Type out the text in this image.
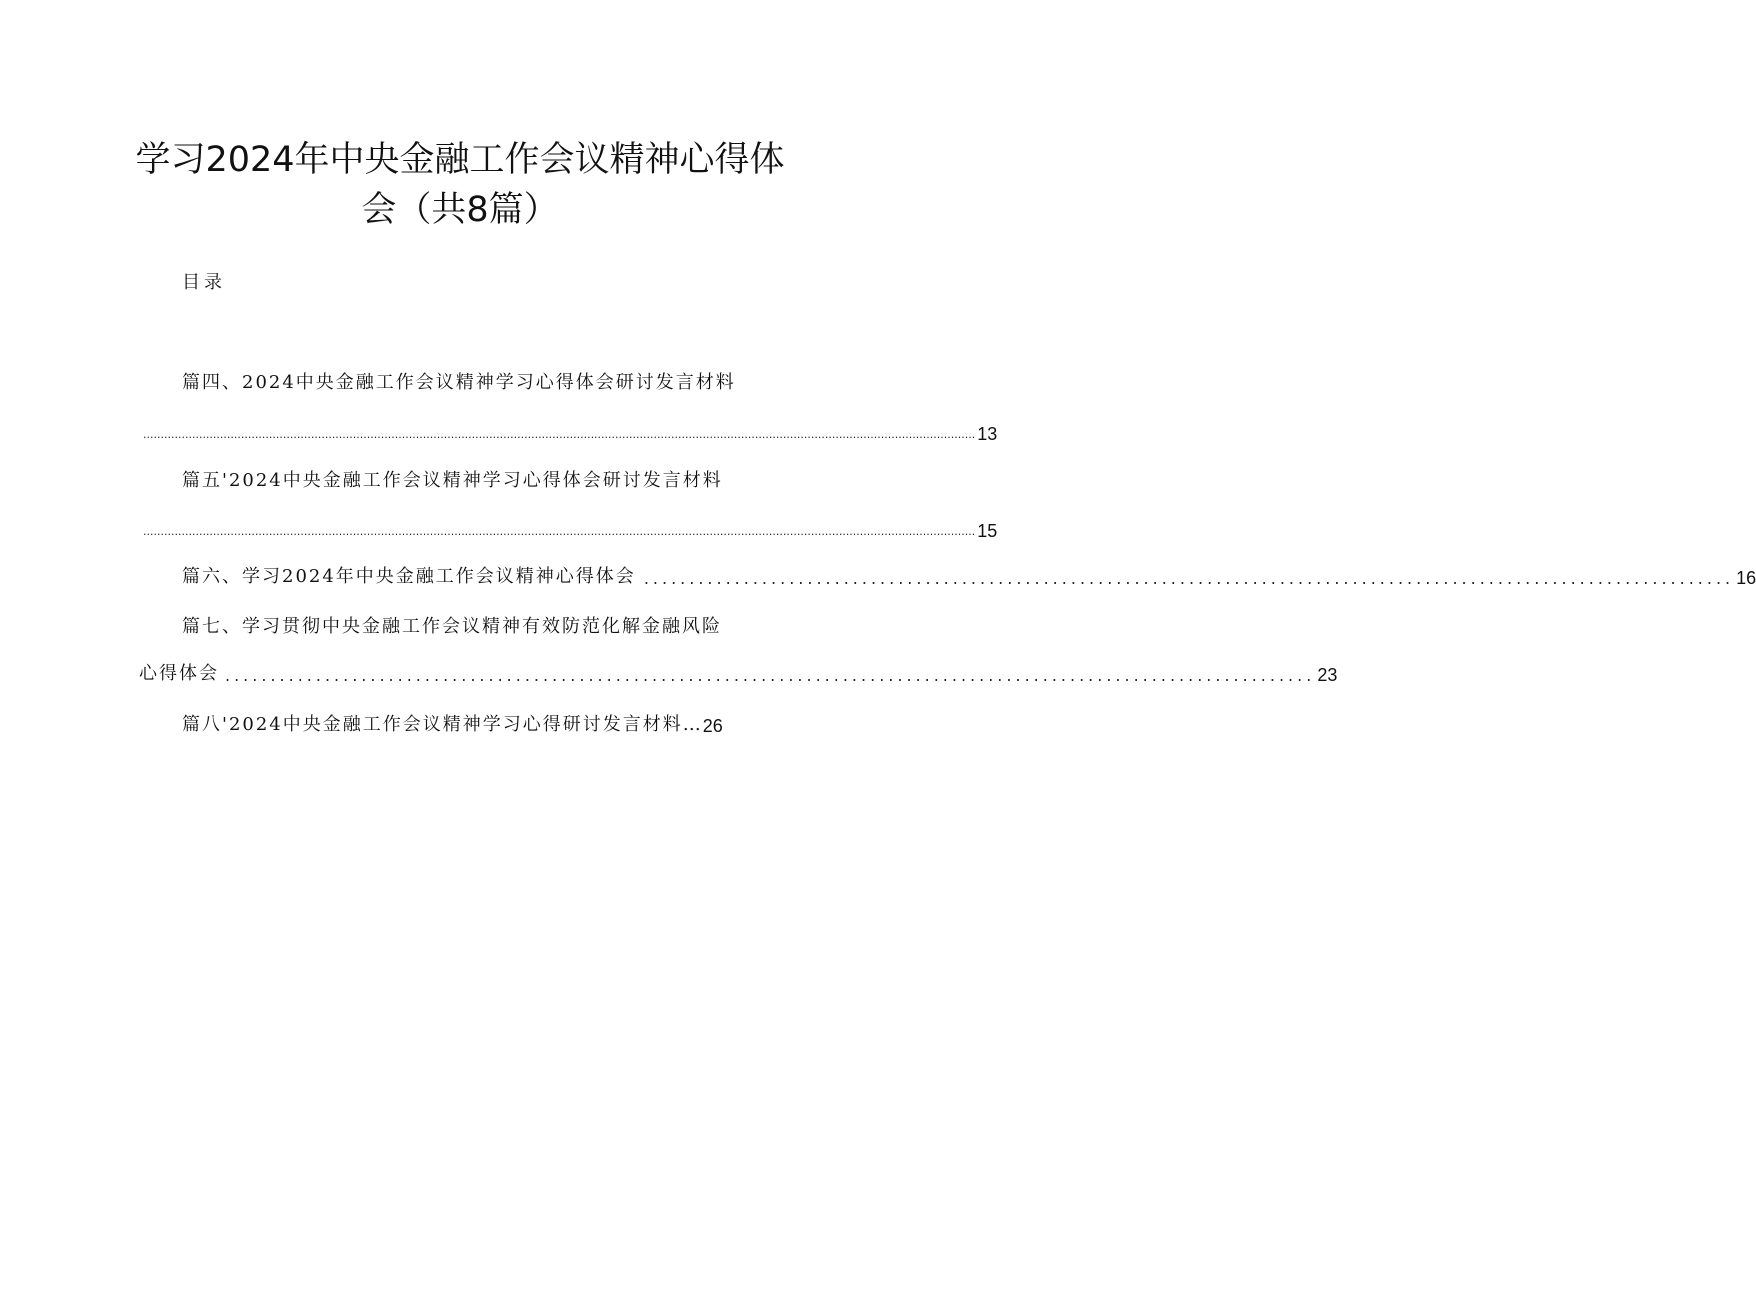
学习2024年中央金融工作会议精神心得体
会（共8篇）
目录
篇四、2024中央金融工作会议精神学习心得体会研讨发言材料
.............................................................................................................................................................................................................................................. 13
篇五'2024中央金融工作会议精神学习心得体会研讨发言材料
.............................................................................................................................................................................................................................................. 15
篇六、学习2024年中央金融工作会议精神心得体会 ........................................................................................................................ 16
篇七、学习贯彻中央金融工作会议精神有效防范化解金融风险
心得体会 ........................................................................................................................ 23
篇八'2024中央金融工作会议精神学习心得研讨发言材料… 26
